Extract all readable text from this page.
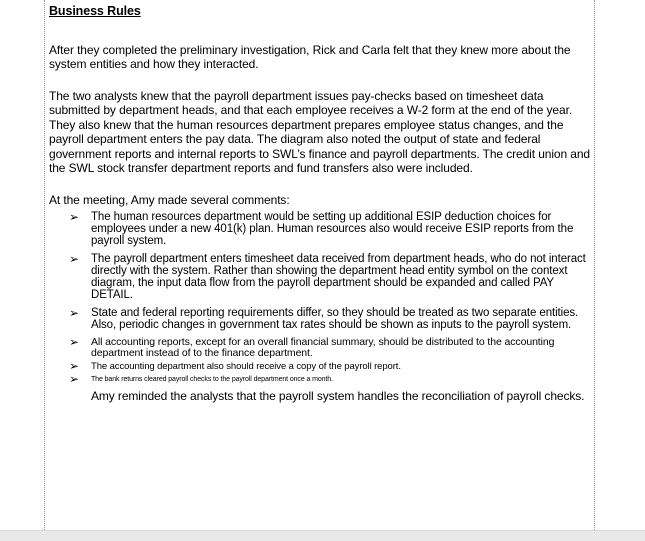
Business Rules

After they completed the preliminary investigation, Rick and Carla felt that they knew more about the system entities and how they interacted.

The two analysts knew that the payroll department issues pay-checks based on timesheet data submitted by department heads, and that each employee receives a W-2 form at the end of the year. They also knew that the human resources department prepares employee status changes, and the payroll department enters the pay data. The diagram also noted the output of state and federal government reports and internal reports to SWL’s finance and payroll departments. The credit union and the SWL stock transfer department reports and fund transfers also were included.

At the meeting, Amy made several comments:

➢ The human resources department would be setting up additional ESIP deduction choices for employees under a new 401(k) plan. Human resources also would receive ESIP reports from the payroll system.
➢ The payroll department enters timesheet data received from department heads, who do not interact directly with the system. Rather than showing the department head entity symbol on the context diagram, the input data flow from the payroll department should be expanded and called PAY DETAIL.
➢ State and federal reporting requirements differ, so they should be treated as two separate entities. Also, periodic changes in government tax rates should be shown as inputs to the payroll system.
➢ All accounting reports, except for an overall financial summary, should be distributed to the accounting department instead of to the finance department.
➢ The accounting department also should receive a copy of the payroll report.
➢ The bank returns cleared payroll checks to the payroll department once a month.

Amy reminded the analysts that the payroll system handles the reconciliation of payroll checks.
